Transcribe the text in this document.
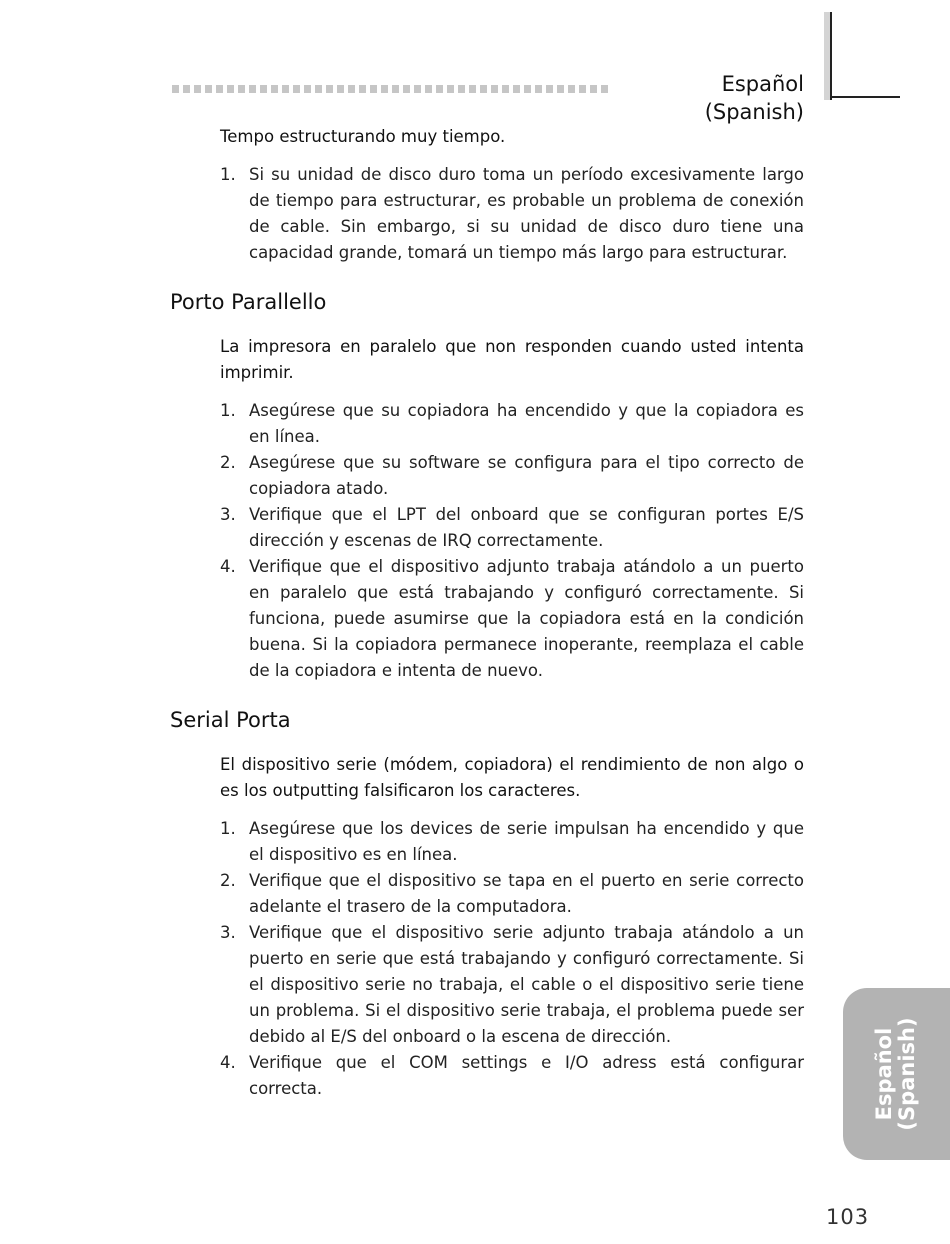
Español (Spanish)

Tempo estructurando muy tiempo.

1. Si su unidad de disco duro toma un período excesivamente largo de tiempo para estructurar, es probable un problema de conexión de cable. Sin embargo, si su unidad de disco duro tiene una capacidad grande, tomará un tiempo más largo para estructurar.
Porto Parallello

La impresora en paralelo que non responden cuando usted intenta imprimir.

1. Asegúrese que su copiadora ha encendido y que la copiadora es en línea.
2. Asegúrese que su software se configura para el tipo correcto de copiadora atado.
3. Verifique que el LPT del onboard que se configuran portes E/S dirección y escenas de IRQ correctamente.
4. Verifique que el dispositivo adjunto trabaja atándolo a un puerto en paralelo que está trabajando y configuró correctamente. Si funciona, puede asumirse que la copiadora está en la condición buena. Si la copiadora permanece inoperante, reemplaza el cable de la copiadora e intenta de nuevo.
Serial Porta

El dispositivo serie (módem, copiadora) el rendimiento de non algo o es los outputting falsificaron los caracteres.

1. Asegúrese que los devices de serie impulsan ha encendido y que el dispositivo es en línea.
2. Verifique que el dispositivo se tapa en el puerto en serie correcto adelante el trasero de la computadora.
3. Verifique que el dispositivo serie adjunto trabaja atándolo a un puerto en serie que está trabajando y configuró correctamente. Si el dispositivo serie no trabaja, el cable o el dispositivo serie tiene un problema. Si el dispositivo serie trabaja, el problema puede ser debido al E/S del onboard o la escena de dirección.
4. Verifique que el COM settings e I/O adress está configurar correcta.	Español (Spanish)
103
